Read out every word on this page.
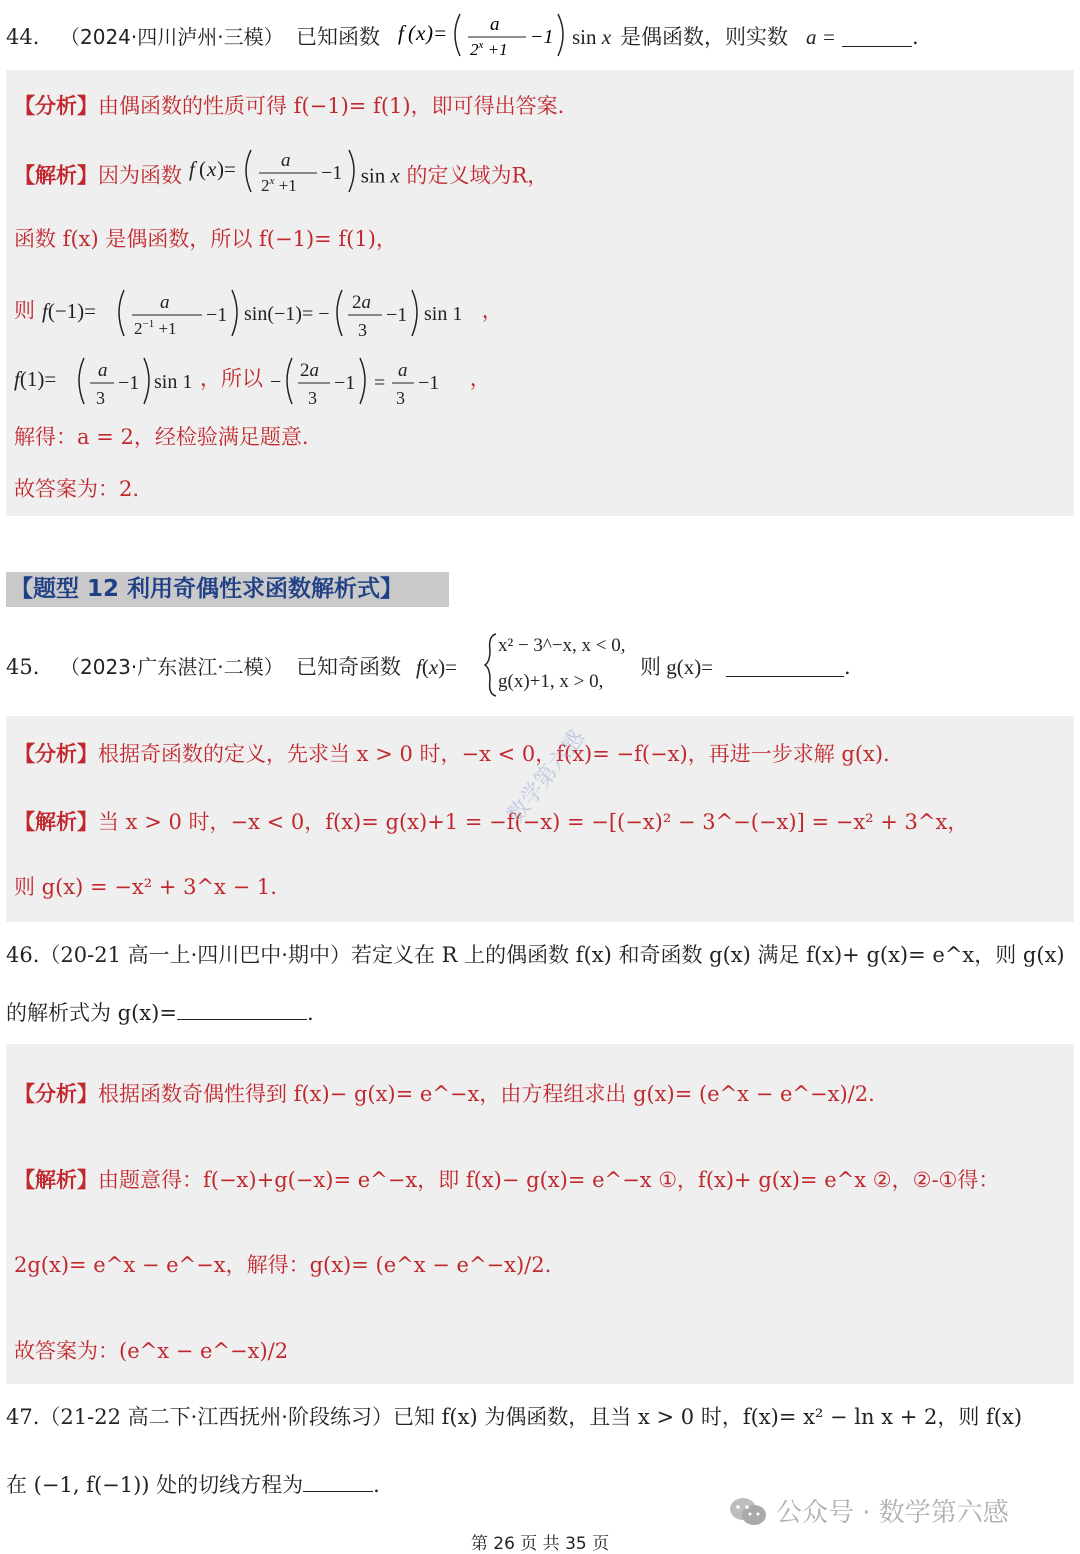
44. （2024·四川泸州·三模） 已知函数 f ( x )= a
$2^x +1$
−1 sin x 是偶函数，则实数 a =	.
【分析】由偶函数的性质可得 f(−1)= f(1)，即可得出答案.
【解析】因为函数 f ( x )= a
$2^x +1$
−1 sin x 的定义域为R，
函数 f(x) 是偶函数，所以 f(−1)= f(1)，
则 f(−1)=	a
$2^{-1} +1$
−1 sin(−1)= −
2a
3
−1 sin 1 ，
f(1)= a
3
−1 sin 1 ，所以 −
2a
3
−1 =
a
3
−1 ，
解得：a = 2，经检验满足题意.
故答案为：2.
【题型 12 利用奇偶性求函数解析式】
45. （2023·广东湛江·二模） 已知奇函数 f(x)=
x² − 3^−x, x < 0,
g(x)+1, x > 0,
则 g(x)=	.
【分析】根据奇函数的定义，先求当 x > 0 时，−x < 0，f(x)= −f(−x)，再进一步求解 g(x).
【解析】当 x > 0 时，−x < 0，f(x)= g(x)+1 = −f(−x) = −[(−x)² − 3^−(−x)] = −x² + 3^x，
则 g(x) = −x² + 3^x − 1.
数学第六感
46.（20-21 高一上·四川巴中·期中）若定义在 R 上的偶函数 f(x) 和奇函数 g(x) 满足 f(x)+ g(x)= e^x，则 g(x)
的解析式为 g(x)=	.
【分析】根据函数奇偶性得到 f(x)− g(x)= e^−x，由方程组求出 g(x)= (e^x − e^−x)/2.
【解析】由题意得：f(−x)+g(−x)= e^−x，即 f(x)− g(x)= e^−x ①，f(x)+ g(x)= e^x ②，②-①得：
2g(x)= e^x − e^−x，解得：g(x)= (e^x − e^−x)/2.
故答案为：(e^x − e^−x)/2
47.（21-22 高二下·江西抚州·阶段练习）已知 f(x) 为偶函数，且当 x > 0 时，f(x)= x² − ln x + 2，则 f(x)
在 (−1, f(−1)) 处的切线方程为	.
公众号 · 数学第六感
第 26 页 共 35 页
